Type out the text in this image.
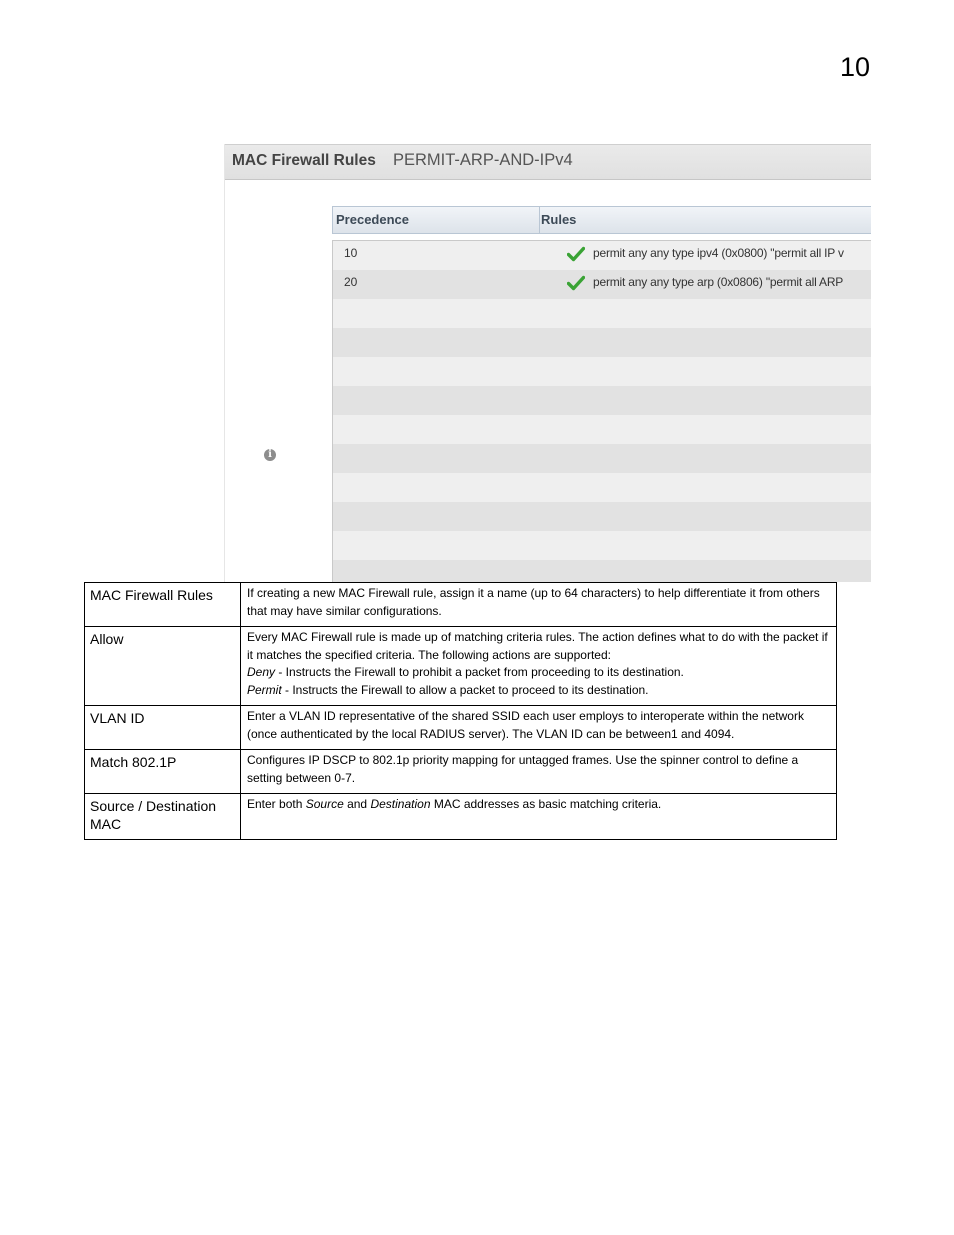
10
MAC Firewall Rules PERMIT-ARP-AND-IPv4
i
Precedence	Rules
10	permit any any type ipv4 (0x0800) "permit all IP v
20	permit any any type arp (0x0806) "permit all ARP
MAC Firewall Rules	If creating a new MAC Firewall rule, assign it a name (up to 64 characters) to help differentiate it from others that may have similar configurations.

Allow	Every MAC Firewall rule is made up of matching criteria rules. The action defines what to do with the packet if it matches the specified criteria. The following actions are supported:

Deny - Instructs the Firewall to prohibit a packet from proceeding to its destination.

Permit - Instructs the Firewall to allow a packet to proceed to its destination.

VLAN ID	Enter a VLAN ID representative of the shared SSID each user employs to interoperate within the network (once authenticated by the local RADIUS server). The VLAN ID can be between1 and 4094.

Match 802.1P	Configures IP DSCP to 802.1p priority mapping for untagged frames. Use the spinner control to define a setting between 0-7.

Source / Destination MAC	Enter both Source and Destination MAC addresses as basic matching criteria.
